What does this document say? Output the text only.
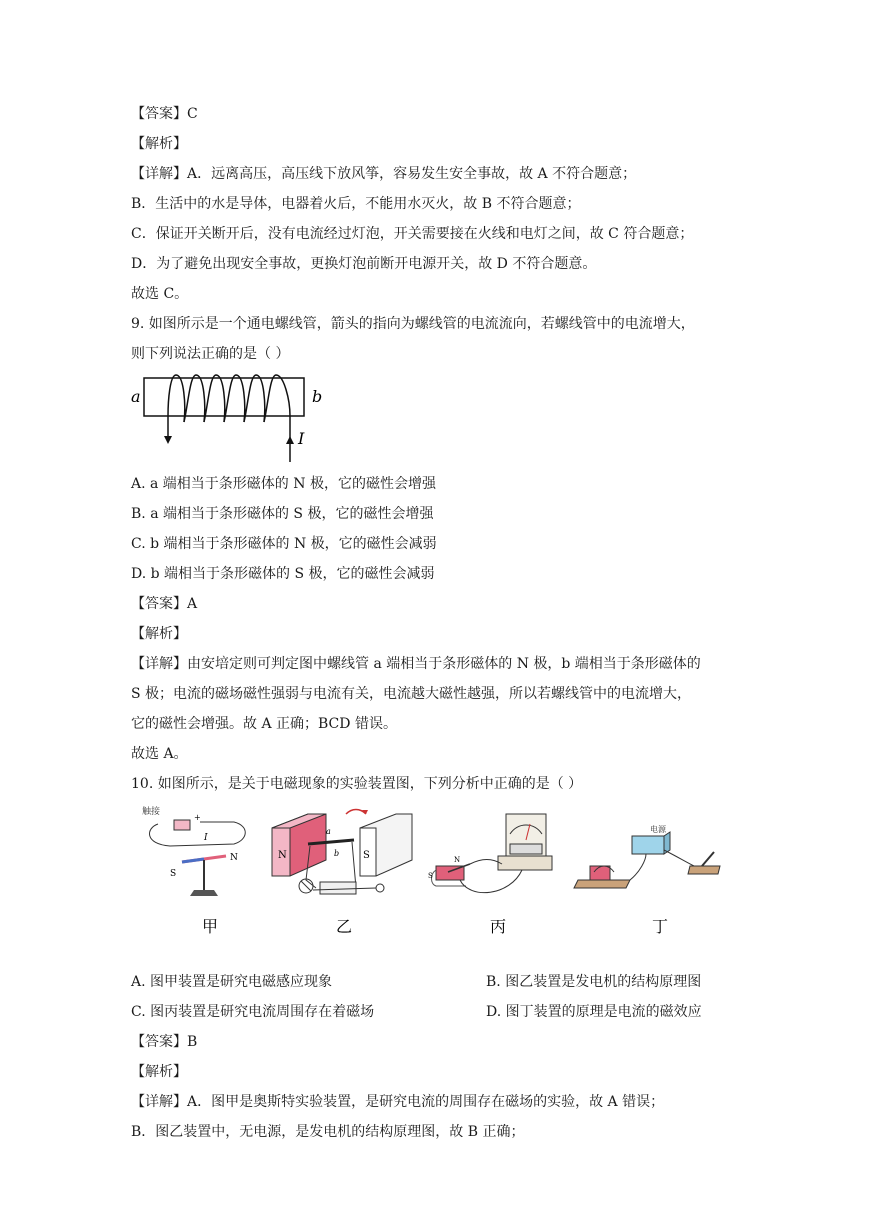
【答案】C
【解析】
【详解】A．远离高压，高压线下放风筝，容易发生安全事故，故 A 不符合题意；
B．生活中的水是导体，电器着火后，不能用水灭火，故 B 不符合题意；
C．保证开关断开后，没有电流经过灯泡，开关需要接在火线和电灯之间，故 C 符合题意；
D．为了避免出现安全事故，更换灯泡前断开电源开关，故 D 不符合题意。
故选 C。
9. 如图所示是一个通电螺线管，箭头的指向为螺线管的电流流向，若螺线管中的电流增大，
则下列说法正确的是（ ）
a	b
I
A. a 端相当于条形磁体的 N 极，它的磁性会增强
B. a 端相当于条形磁体的 S 极，它的磁性会增强
C. b 端相当于条形磁体的 N 极，它的磁性会减弱
D. b 端相当于条形磁体的 S 极，它的磁性会减弱
【答案】A
【解析】
【详解】由安培定则可判定图中螺线管 a 端相当于条形磁体的 N 极，b 端相当于条形磁体的
S 极；电流的磁场磁性强弱与电流有关，电流越大磁性越强，所以若螺线管中的电流增大，
它的磁性会增强。故 A 正确；BCD 错误。
故选 A。
10. 如图所示，是关于电磁现象的实验装置图，下列分析中正确的是（ ）
触接
+
I
N
S
甲
N	S
a
b
乙
N
S
丙
电源
丁
A. 图甲装置是研究电磁感应现象	B. 图乙装置是发电机的结构原理图
C. 图丙装置是研究电流周围存在着磁场	D. 图丁装置的原理是电流的磁效应
【答案】B
【解析】
【详解】A．图甲是奥斯特实验装置，是研究电流的周围存在磁场的实验，故 A 错误；
B．图乙装置中，无电源，是发电机的结构原理图，故 B 正确；
